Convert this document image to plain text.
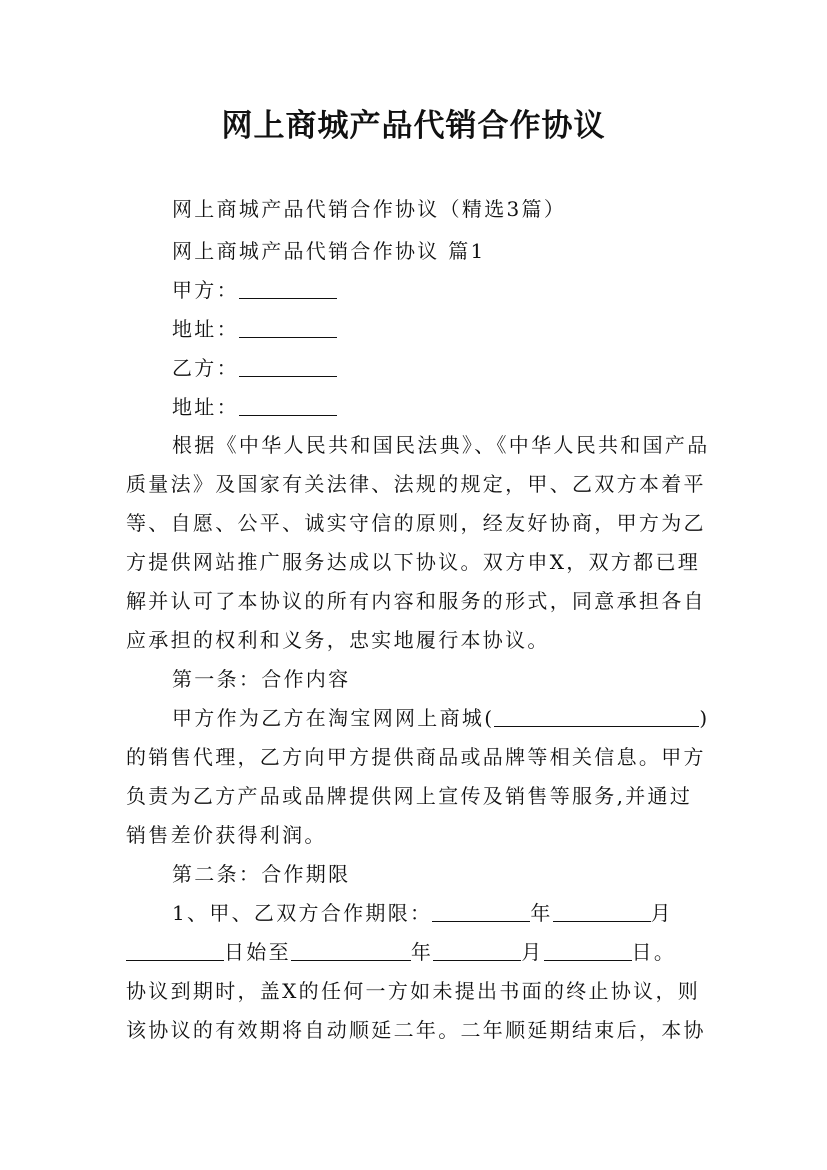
网上商城产品代销合作协议
网上商城产品代销合作协议（精选3篇）
网上商城产品代销合作协议 篇1
甲方：
地址：
乙方：
地址：
根据《中华人民共和国民法典》、《中华人民共和国产品
质量法》及国家有关法律、法规的规定，甲、乙双方本着平
等、自愿、公平、诚实守信的原则，经友好协商，甲方为乙
方提供网站推广服务达成以下协议。双方申X，双方都已理
解并认可了本协议的所有内容和服务的形式，同意承担各自
应承担的权利和义务，忠实地履行本协议。
第一条：合作内容
甲方作为乙方在淘宝网网上商城(	)
的销售代理，乙方向甲方提供商品或品牌等相关信息。甲方
负责为乙方产品或品牌提供网上宣传及销售等服务,并通过
销售差价获得利润。
第二条：合作期限
1、甲、乙双方合作期限：	年	月
日始至	年	月	日。
协议到期时，盖X的任何一方如未提出书面的终止协议，则
该协议的有效期将自动顺延二年。二年顺延期结束后，本协
